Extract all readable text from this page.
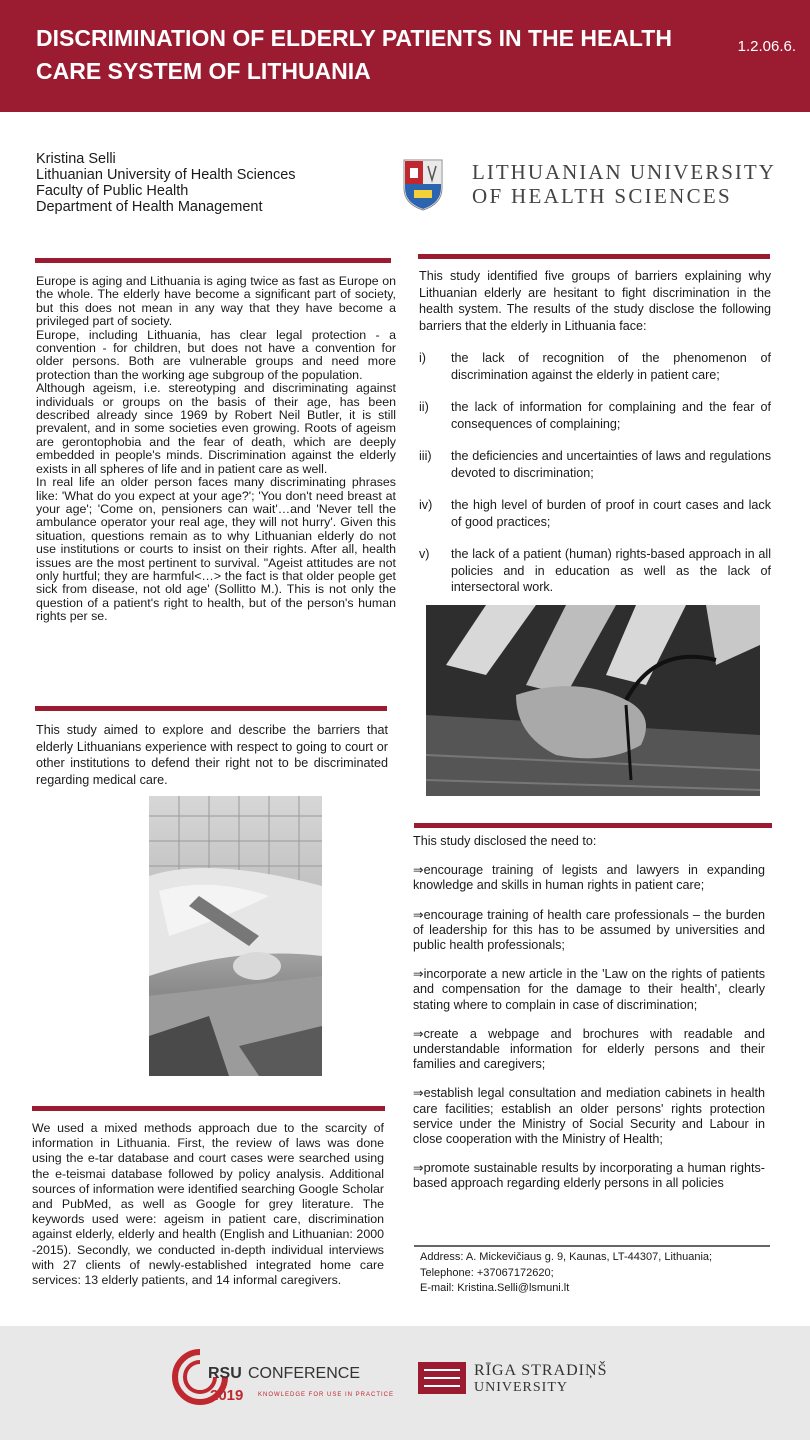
DISCRIMINATION OF ELDERLY PATIENTS IN THE HEALTH CARE SYSTEM OF LITHUANIA
1.2.06.6.
Kristina Selli
Lithuanian University of Health Sciences
Faculty of Public Health
Department of Health Management
LITHUANIAN UNIVERSITY
OF HEALTH SCIENCES

Europe is aging and Lithuania is aging twice as fast as Europe on the whole. The elderly have become a significant part of society, but this does not mean in any way that they have become a privileged part of society.

Europe, including Lithuania, has clear legal protection - a convention - for children, but does not have a convention for older persons. Both are vulnerable groups and need more protection than the working age subgroup of the population.

Although ageism, i.e. stereotyping and discriminating against individuals or groups on the basis of their age, has been described already since 1969 by Robert Neil Butler, it is still prevalent, and in some societies even growing. Roots of ageism are gerontophobia and the fear of death, which are deeply embedded in people's minds. Discrimination against the elderly exists in all spheres of life and in patient care as well.

In real life an older person faces many discriminating phrases like: 'What do you expect at your age?'; 'You don't need breast at your age'; 'Come on, pensioners can wait'…and 'Never tell the ambulance operator your real age, they will not hurry'. Given this situation, questions remain as to why Lithuanian elderly do not use institutions or courts to insist on their rights. After all, health issues are the most pertinent to survival. "Ageist attitudes are not only hurtful; they are harmful<…> the fact is that older people get sick from disease, not old age' (Sollitto M.). This is not only the question of a patient's right to health, but of the person's human rights per se.

This study aimed to explore and describe the barriers that elderly Lithuanians experience with respect to going to court or other institutions to defend their right not to be discriminated regarding medical care.

We used a mixed methods approach due to the scarcity of information in Lithuania. First, the review of laws was done using the e-tar database and court cases were searched using the e-teismai database followed by policy analysis. Additional sources of information were identified searching Google Scholar and PubMed, as well as Google for grey literature. The keywords used were: ageism in patient care, discrimination against elderly, elderly and health (English and Lithuanian: 2000 -2015). Secondly, we conducted in-depth individual interviews with 27 clients of newly-established integrated home care services: 13 elderly patients, and 14 informal caregivers.

This study identified five groups of barriers explaining why Lithuanian elderly are hesitant to fight discrimination in the health system. The results of the study disclose the following barriers that the elderly in Lithuania face:
i)	the lack of recognition of the phenomenon of discrimination against the elderly in patient care;
ii)	the lack of information for complaining and the fear of consequences of complaining;
iii)	the deficiencies and uncertainties of laws and regulations devoted to discrimination;
iv)	the high level of burden of proof in court cases and lack of good practices;
v)	the lack of a patient (human) rights-based approach in all policies and in education as well as the lack of intersectoral work.
This study disclosed the need to:
⇒encourage training of legists and lawyers in expanding knowledge and skills in human rights in patient care;
⇒encourage training of health care professionals – the burden of leadership for this has to be assumed by universities and public health professionals;
⇒incorporate a new article in the 'Law on the rights of patients and compensation for the damage to their health', clearly stating where to complain in case of discrimination;
⇒create a webpage and brochures with readable and understandable information for elderly persons and their families and caregivers;
⇒establish legal consultation and mediation cabinets in health care facilities; establish an older persons' rights protection service under the Ministry of Social Security and Labour in close cooperation with the Ministry of Health;
⇒promote sustainable results by incorporating a human rights-based approach regarding elderly persons in all policies
Address: A. Mickevičiaus g. 9, Kaunas, LT-44307, Lithuania;
Telephone: +37067172620;
E-mail: Kristina.Selli@lsmuni.lt
RSU CONFERENCE
2019 KNOWLEDGE FOR USE IN PRACTICE
RĪGA STRADIŅŠ
UNIVERSITY
